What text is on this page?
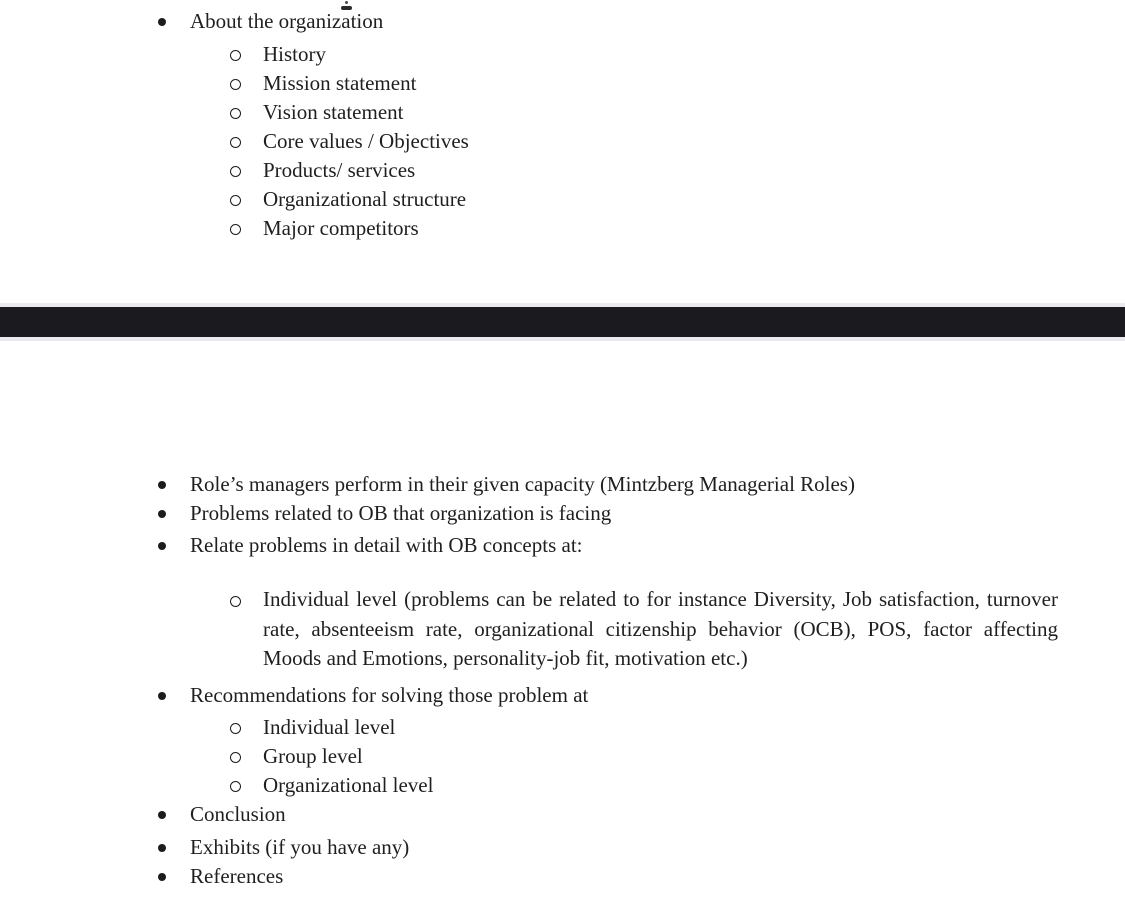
About the organization
History
Mission statement
Vision statement
Core values / Objectives
Products/ services
Organizational structure
Major competitors
Role’s managers perform in their given capacity (Mintzberg Managerial Roles)
Problems related to OB that organization is facing
Relate problems in detail with OB concepts at:
Individual level (problems can be related to for instance Diversity, Job satisfaction, turnover rate, absenteeism rate, organizational citizenship behavior (OCB), POS, factor affecting Moods and Emotions, personality-job fit, motivation etc.)
Recommendations for solving those problem at
Individual level
Group level
Organizational level
Conclusion
Exhibits (if you have any)
References
